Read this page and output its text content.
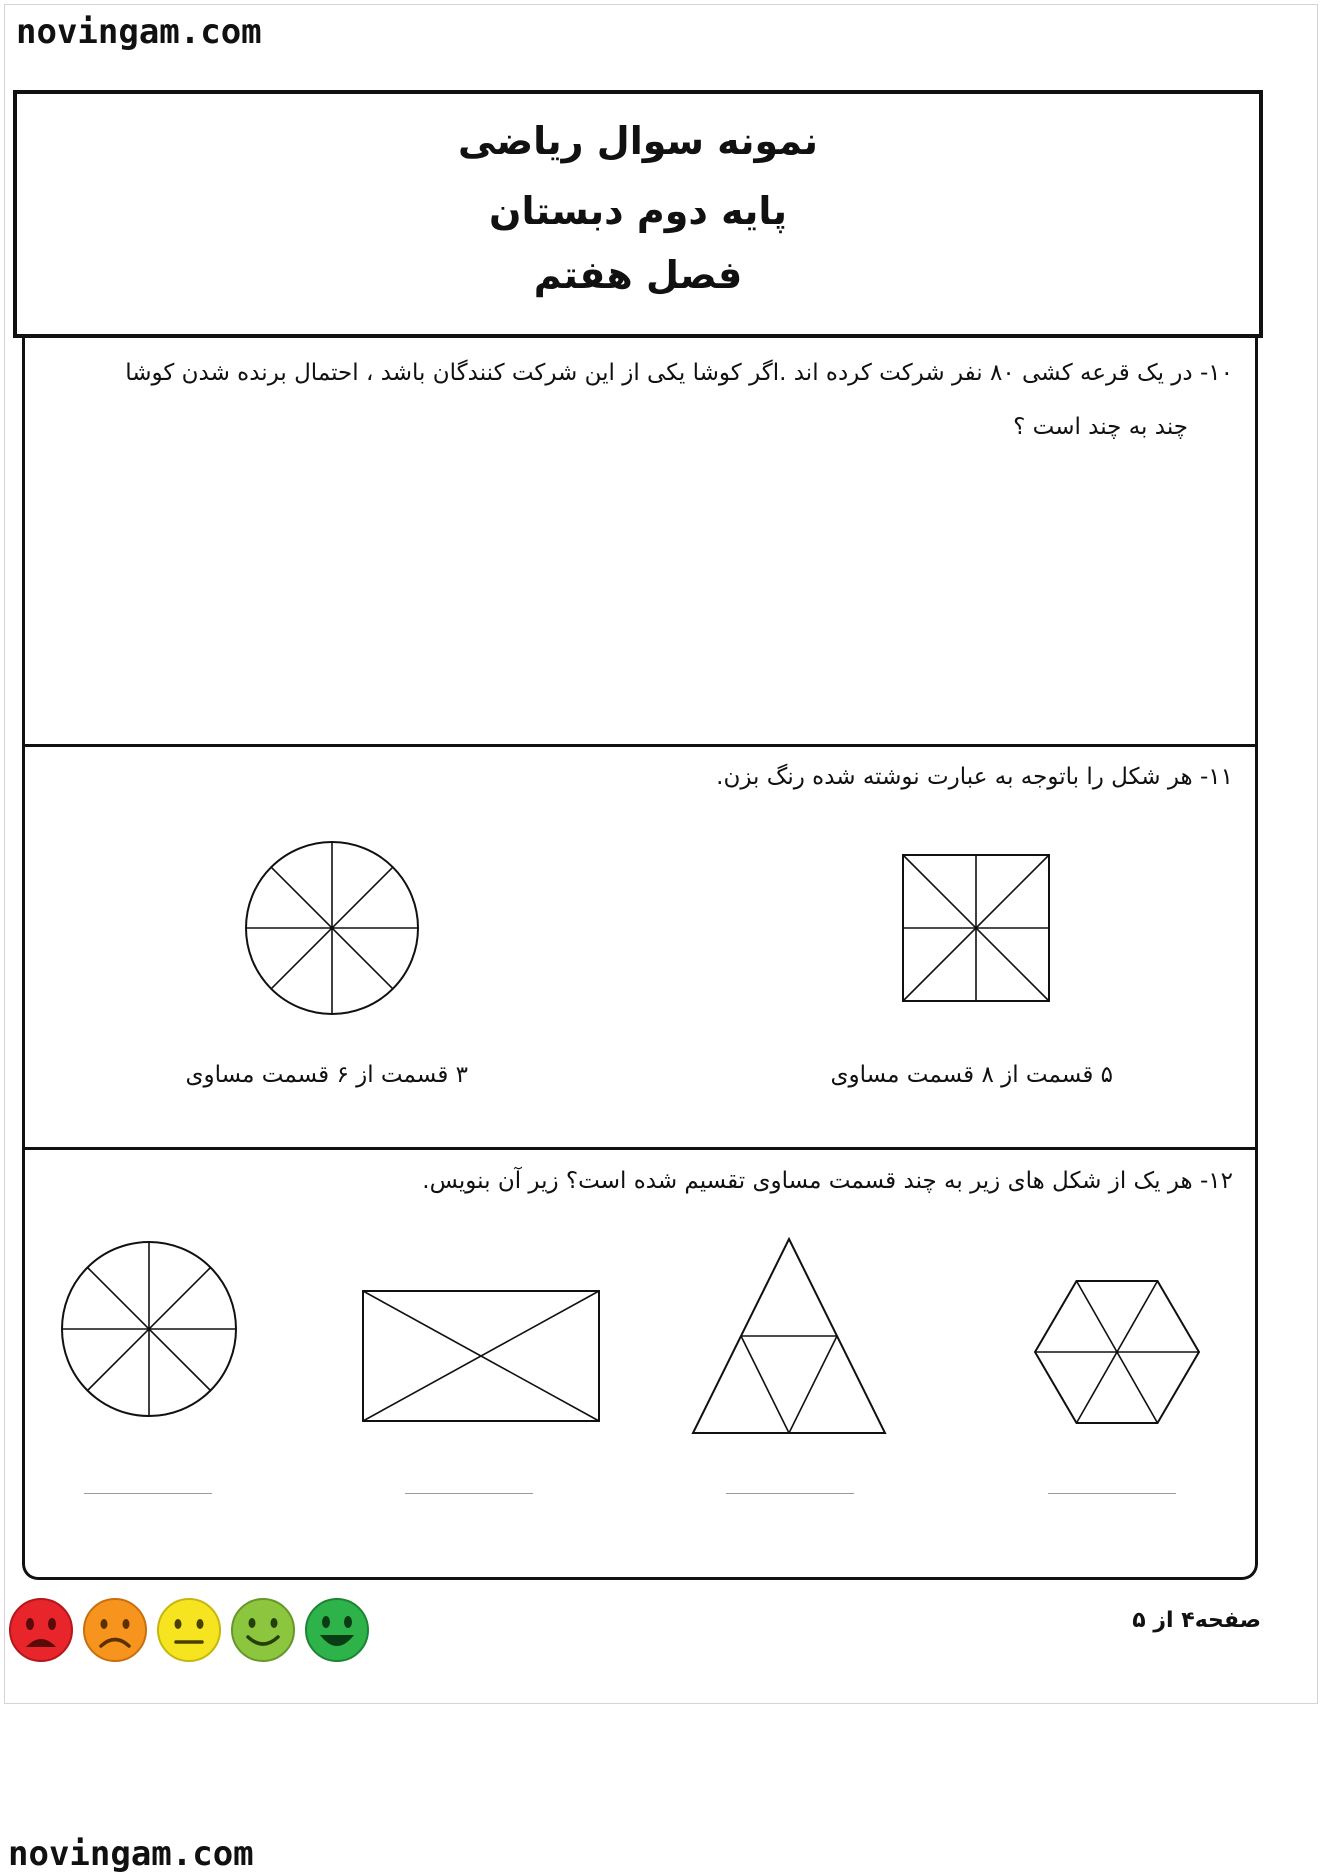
novingam.com
نمونه سوال ریاضی
پایه دوم دبستان
فصل هفتم
۱۰- در یک قرعه کشی ۸۰ نفر شرکت کرده اند .اگر کوشا یکی از این شرکت کنندگان باشد ، احتمال برنده شدن کوشا
چند به چند است ؟
۱۱- هر شکل را باتوجه به عبارت نوشته شده رنگ بزن.
۵ قسمت از ۸ قسمت مساوی
۳ قسمت از ۶ قسمت مساوی
۱۲- هر یک از شکل های زیر به چند قسمت مساوی تقسیم شده است؟ زیر آن بنویس.
صفحه۴ از ۵
novingam.com
